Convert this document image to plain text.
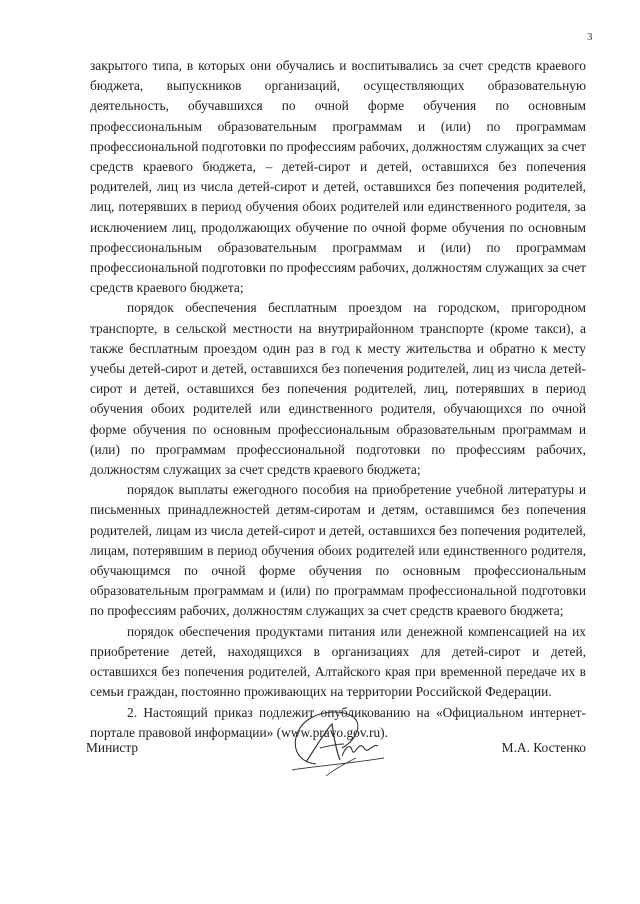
3

закрытого типа, в которых они обучались и воспитывались за счет средств краевого бюджета, выпускников организаций, осуществляющих образовательную деятельность, обучавшихся по очной форме обучения по основным профессиональным образовательным программам и (или) по программам профессиональной подготовки по профессиям рабочих, должностям служащих за счет средств краевого бюджета, – детей-сирот и детей, оставшихся без попечения родителей, лиц из числа детей-сирот и детей, оставшихся без попечения родителей, лиц, потерявших в период обучения обоих родителей или единственного родителя, за исключением лиц, продолжающих обучение по очной форме обучения по основным профессиональным образовательным программам и (или) по программам профессиональной подготовки по профессиям рабочих, должностям служащих за счет средств краевого бюджета;

порядок обеспечения бесплатным проездом на городском, пригородном транспорте, в сельской местности на внутрирайонном транспорте (кроме такси), а также бесплатным проездом один раз в год к месту жительства и обратно к месту учебы детей-сирот и детей, оставшихся без попечения родителей, лиц из числа детей-сирот и детей, оставшихся без попечения родителей, лиц, потерявших в период обучения обоих родителей или единственного родителя, обучающихся по очной форме обучения по основным профессиональным образовательным программам и (или) по программам профессиональной подготовки по профессиям рабочих, должностям служащих за счет средств краевого бюджета;

порядок выплаты ежегодного пособия на приобретение учебной литературы и письменных принадлежностей детям-сиротам и детям, оставшимся без попечения родителей, лицам из числа детей-сирот и детей, оставшихся без попечения родителей, лицам, потерявшим в период обучения обоих родителей или единственного родителя, обучающимся по очной форме обучения по основным профессиональным образовательным программам и (или) по программам профессиональной подготовки по профессиям рабочих, должностям служащих за счет средств краевого бюджета;

порядок обеспечения продуктами питания или денежной компенсацией на их приобретение детей, находящихся в организациях для детей-сирот и детей, оставшихся без попечения родителей, Алтайского края при временной передаче их в семьи граждан, постоянно проживающих на территории Российской Федерации.

2. Настоящий приказ подлежит опубликованию на «Официальном интернет-портале правовой информации» (www.pravo.gov.ru).

Министр	М.А. Костенко
